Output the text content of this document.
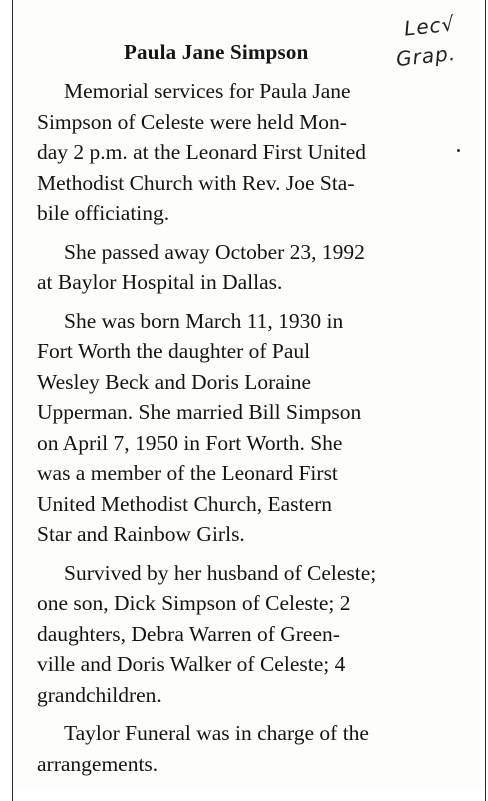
Lec√
Grap.
Paula Jane Simpson
Memorial services for Paula Jane
Simpson of Celeste were held Mon-
day 2 p.m. at the Leonard First United
Methodist Church with Rev. Joe Sta-
bile officiating.
She passed away October 23, 1992
at Baylor Hospital in Dallas.
She was born March 11, 1930 in
Fort Worth the daughter of Paul
Wesley Beck and Doris Loraine
Upperman. She married Bill Simpson
on April 7, 1950 in Fort Worth. She
was a member of the Leonard First
United Methodist Church, Eastern
Star and Rainbow Girls.
Survived by her husband of Celeste;
one son, Dick Simpson of Celeste; 2
daughters, Debra Warren of Green-
ville and Doris Walker of Celeste; 4
grandchildren.
Taylor Funeral was in charge of the
arrangements.
